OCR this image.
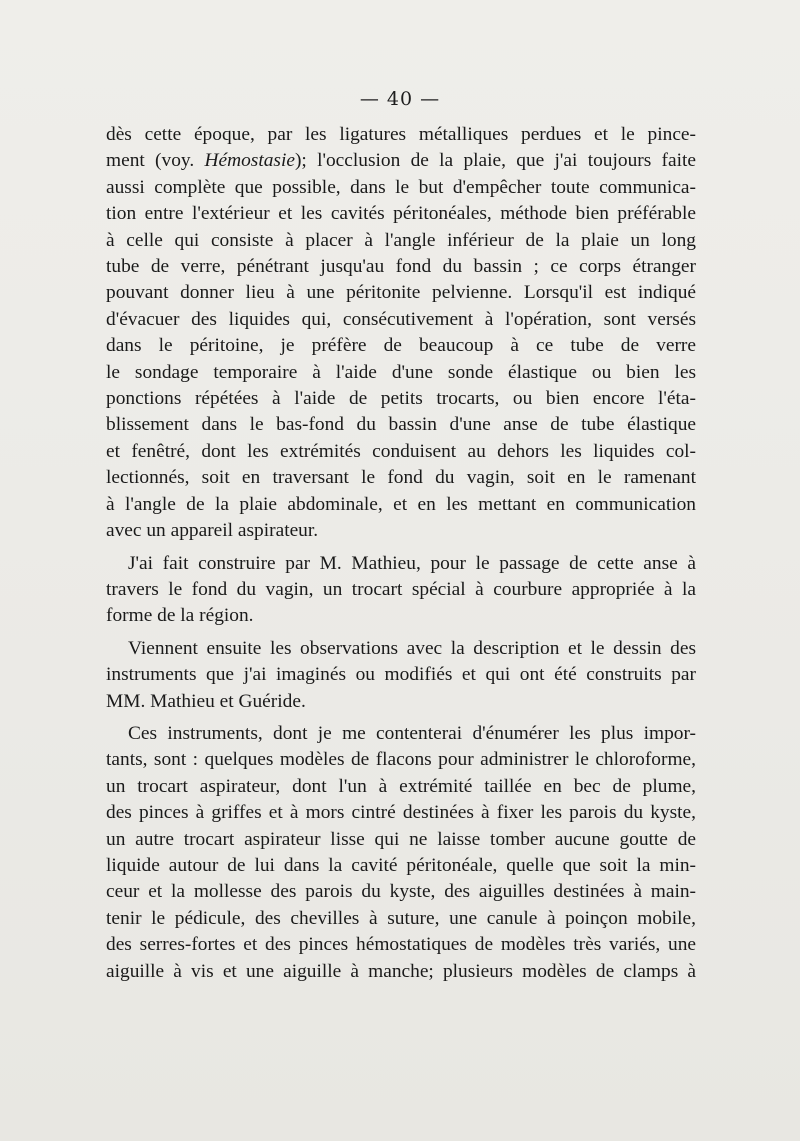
— 40 —
dès cette époque, par les ligatures métalliques perdues et le pince-
ment (voy. Hémostasie); l'occlusion de la plaie, que j'ai toujours faite
aussi complète que possible, dans le but d'empêcher toute communica-
tion entre l'extérieur et les cavités péritonéales, méthode bien préférable
à celle qui consiste à placer à l'angle inférieur de la plaie un long
tube de verre, pénétrant jusqu'au fond du bassin ; ce corps étranger
pouvant donner lieu à une péritonite pelvienne. Lorsqu'il est indiqué
d'évacuer des liquides qui, consécutivement à l'opération, sont versés
dans le péritoine, je préfère de beaucoup à ce tube de verre
le sondage temporaire à l'aide d'une sonde élastique ou bien les
ponctions répétées à l'aide de petits trocarts, ou bien encore l'éta-
blissement dans le bas-fond du bassin d'une anse de tube élastique
et fenêtré, dont les extrémités conduisent au dehors les liquides col-
lectionnés, soit en traversant le fond du vagin, soit en le ramenant
à l'angle de la plaie abdominale, et en les mettant en communication
avec un appareil aspirateur.
J'ai fait construire par M. Mathieu, pour le passage de cette anse à
travers le fond du vagin, un trocart spécial à courbure appropriée à la
forme de la région.
Viennent ensuite les observations avec la description et le dessin des
instruments que j'ai imaginés ou modifiés et qui ont été construits par
MM. Mathieu et Guéride.
Ces instruments, dont je me contenterai d'énumérer les plus impor-
tants, sont : quelques modèles de flacons pour administrer le chloroforme,
un trocart aspirateur, dont l'un à extrémité taillée en bec de plume,
des pinces à griffes et à mors cintré destinées à fixer les parois du kyste,
un autre trocart aspirateur lisse qui ne laisse tomber aucune goutte de
liquide autour de lui dans la cavité péritonéale, quelle que soit la min-
ceur et la mollesse des parois du kyste, des aiguilles destinées à main-
tenir le pédicule, des chevilles à suture, une canule à poinçon mobile,
des serres-fortes et des pinces hémostatiques de modèles très variés, une
aiguille à vis et une aiguille à manche; plusieurs modèles de clamps à
